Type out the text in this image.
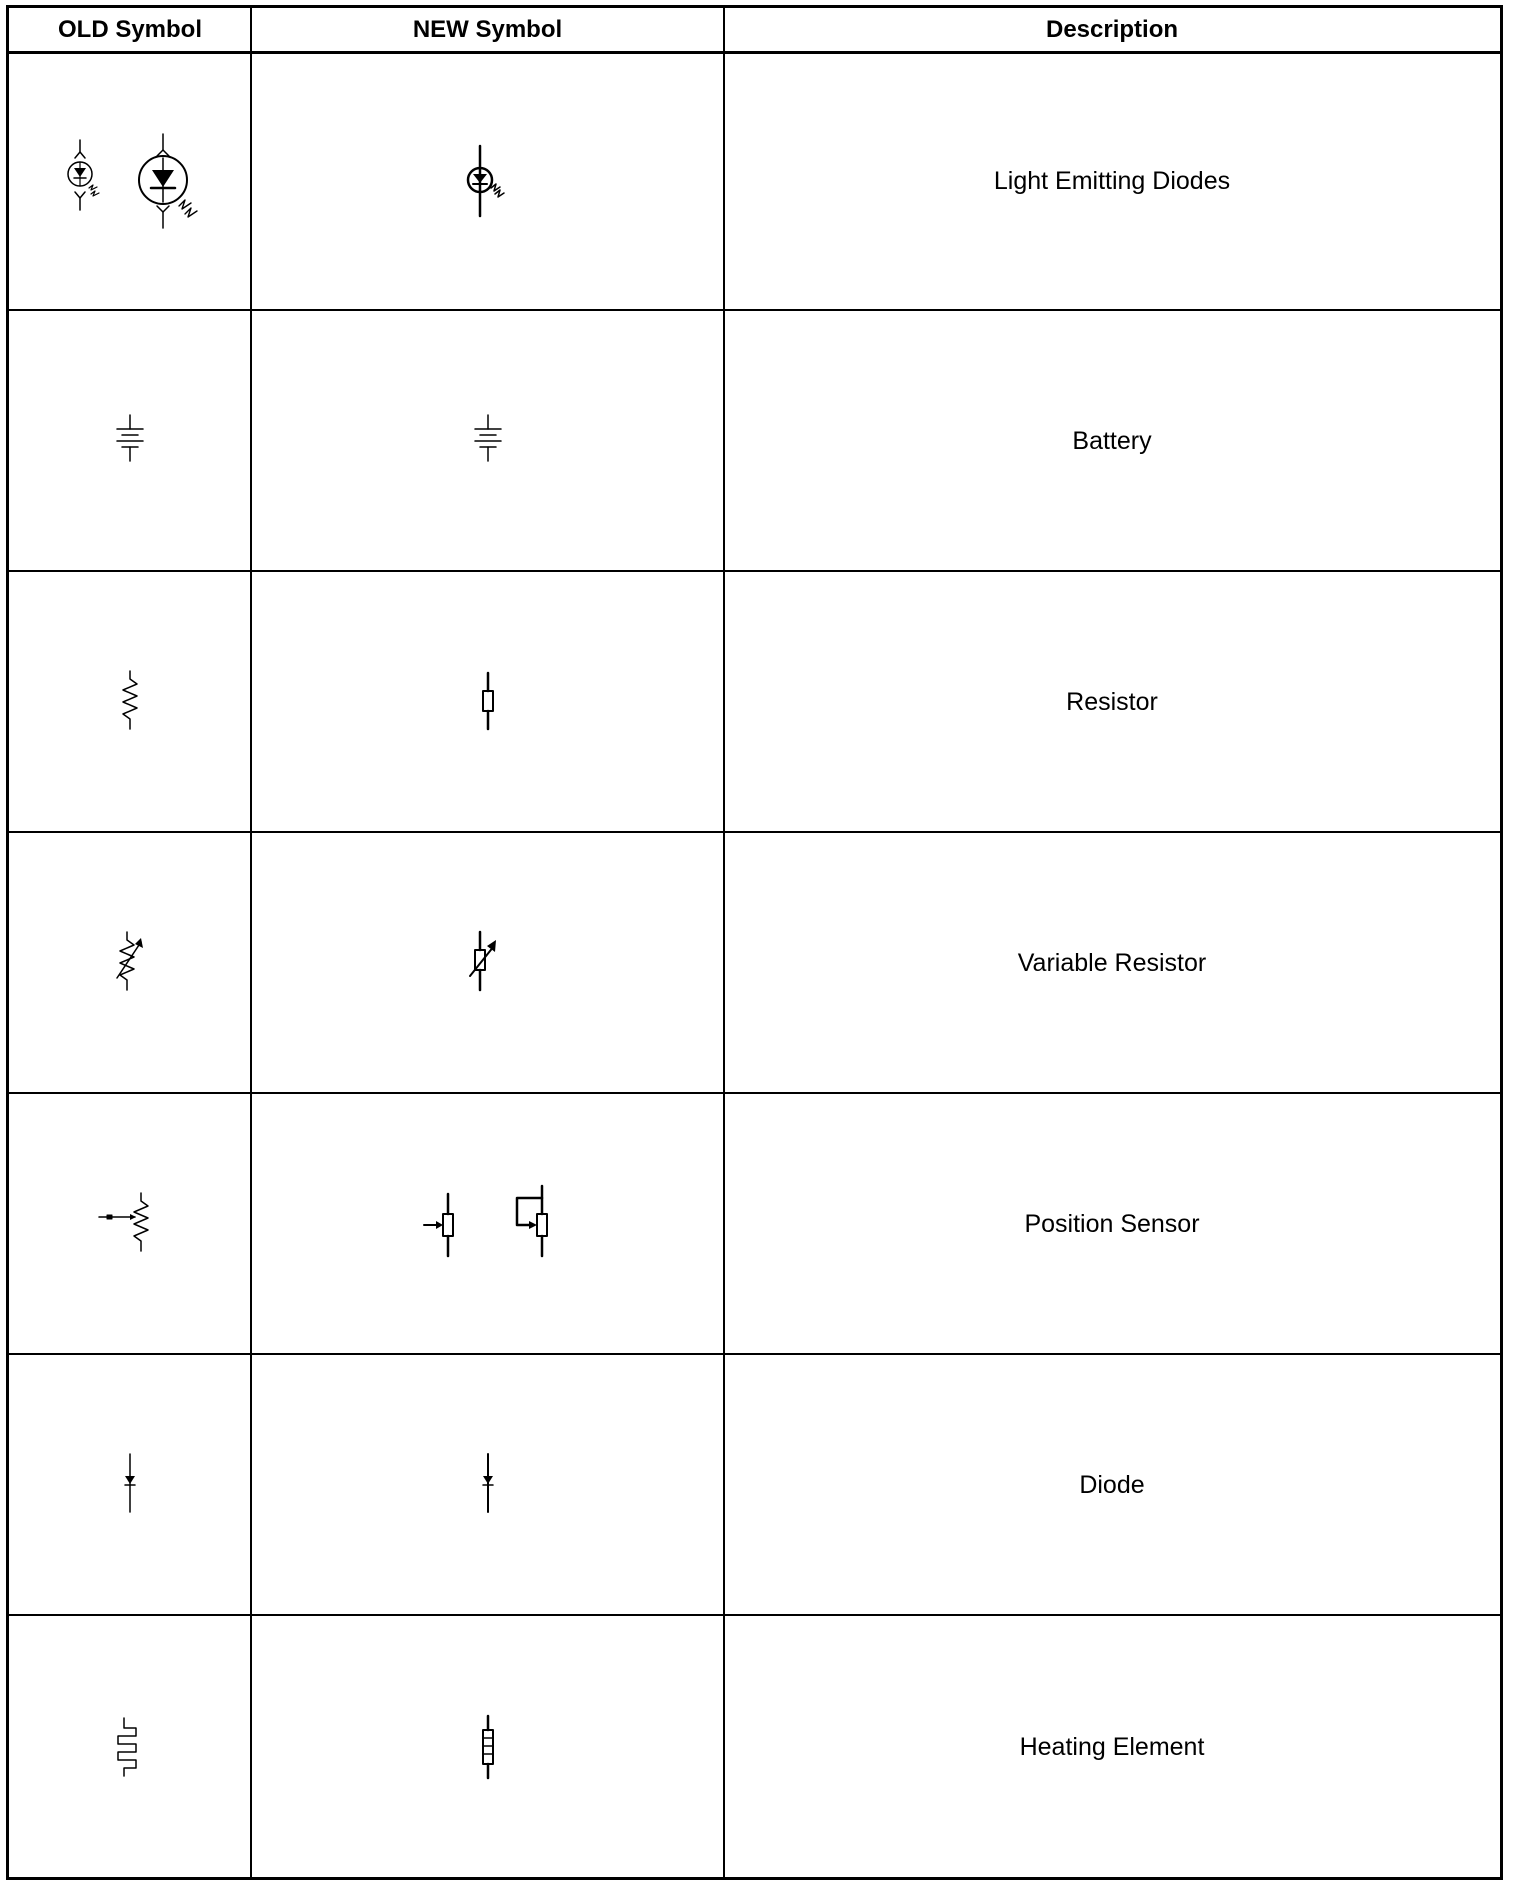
OLD Symbol	NEW Symbol	Description
Light Emitting Diodes
Battery
Resistor
Variable Resistor
Position Sensor
Diode
Heating Element
